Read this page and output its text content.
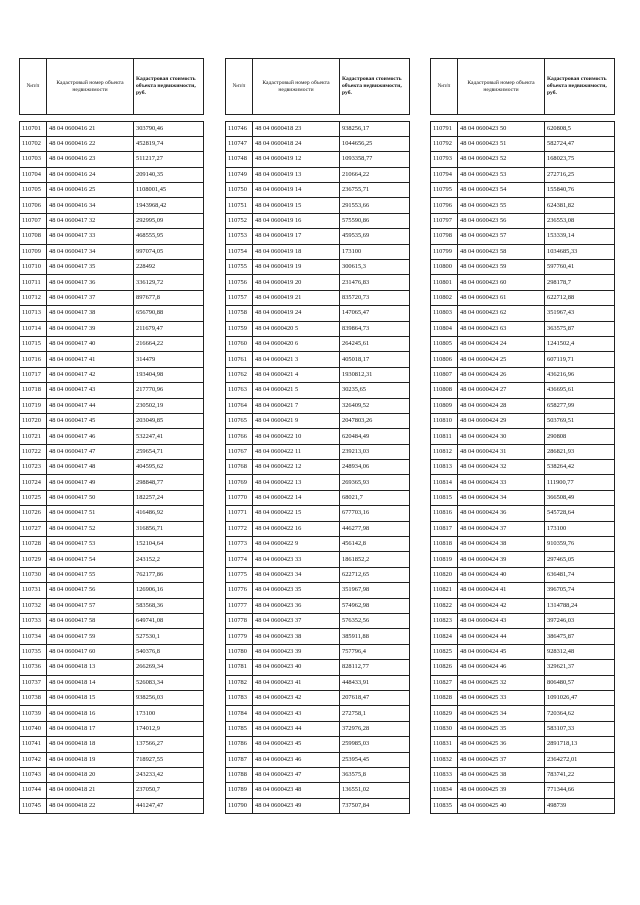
№п/п	Кадастровый номер объекта недвижимости	Кадастровая стоимость объекта недвижимости, руб.

110701	48 04 0600416 21	303790,46
110702	48 04 0600416 22	452819,74
110703	48 04 0600416 23	511217,27
110704	48 04 0600416 24	209140,35
110705	48 04 0600416 25	1108001,45
110706	48 04 0600416 34	1943968,42
110707	48 04 0600417 32	292995,09
110708	48 04 0600417 33	468555,95
110709	48 04 0600417 34	997074,05
110710	48 04 0600417 35	228492
110711	48 04 0600417 36	336129,72
110712	48 04 0600417 37	897677,8
110713	48 04 0600417 38	656790,88
110714	48 04 0600417 39	211679,47
110715	48 04 0600417 40	216664,22
110716	48 04 0600417 41	314479
110717	48 04 0600417 42	193404,98
110718	48 04 0600417 43	217770,96
110719	48 04 0600417 44	230502,19
110720	48 04 0600417 45	203049,85
110721	48 04 0600417 46	532247,41
110722	48 04 0600417 47	259654,71
110723	48 04 0600417 48	404595,62
110724	48 04 0600417 49	298848,77
110725	48 04 0600417 50	182257,24
110726	48 04 0600417 51	416486,92
110727	48 04 0600417 52	316856,71
110728	48 04 0600417 53	152104,64
110729	48 04 0600417 54	243152,2
110730	48 04 0600417 55	762177,86
110731	48 04 0600417 56	126906,16
110732	48 04 0600417 57	583568,36
110733	48 04 0600417 58	649741,08
110734	48 04 0600417 59	527530,1
110735	48 04 0600417 60	540376,8
110736	48 04 0600418 13	266269,34
110737	48 04 0600418 14	526083,34
110738	48 04 0600418 15	938256,03
110739	48 04 0600418 16	173100
110740	48 04 0600418 17	174012,9
110741	48 04 0600418 18	137566,27
110742	48 04 0600418 19	718927,55
110743	48 04 0600418 20	243233,42
110744	48 04 0600418 21	237050,7
110745	48 04 0600418 22	441247,47
№п/п	Кадастровый номер объекта недвижимости	Кадастровая стоимость объекта недвижимости, руб.

110746	48 04 0600418 23	938256,17
110747	48 04 0600418 24	1044656,25
110748	48 04 0600419 12	1093358,77
110749	48 04 0600419 13	210664,22
110750	48 04 0600419 14	236755,71
110751	48 04 0600419 15	291553,66
110752	48 04 0600419 16	575590,86
110753	48 04 0600419 17	459535,69
110754	48 04 0600419 18	173100
110755	48 04 0600419 19	300615,3
110756	48 04 0600419 20	231476,83
110757	48 04 0600419 21	835720,73
110758	48 04 0600419 24	147065,47
110759	48 04 0600420 5	839864,73
110760	48 04 0600420 6	264245,61
110761	48 04 0600421 3	405018,17
110762	48 04 0600421 4	1930812,31
110763	48 04 0600421 5	30235,65
110764	48 04 0600421 7	326409,52
110765	48 04 0600421 9	2047803,26
110766	48 04 0600422 10	620484,49
110767	48 04 0600422 11	239213,03
110768	48 04 0600422 12	248934,06
110769	48 04 0600422 13	269365,93
110770	48 04 0600422 14	68021,7
110771	48 04 0600422 15	677703,16
110772	48 04 0600422 16	446277,98
110773	48 04 0600422 9	456142,8
110774	48 04 0600423 33	1861852,2
110775	48 04 0600423 34	622712,65
110776	48 04 0600423 35	351967,98
110777	48 04 0600423 36	574962,98
110778	48 04 0600423 37	576352,56
110779	48 04 0600423 38	385911,88
110780	48 04 0600423 39	757796,4
110781	48 04 0600423 40	828112,77
110782	48 04 0600423 41	448433,91
110783	48 04 0600423 42	207618,47
110784	48 04 0600423 43	272758,1
110785	48 04 0600423 44	372976,28
110786	48 04 0600423 45	259985,03
110787	48 04 0600423 46	253954,45
110788	48 04 0600423 47	363575,8
110789	48 04 0600423 48	136551,02
110790	48 04 0600423 49	737507,84
№п/п	Кадастровый номер объекта недвижимости	Кадастровая стоимость объекта недвижимости, руб.

110791	48 04 0600423 50	620808,5
110792	48 04 0600423 51	582724,47
110793	48 04 0600423 52	168023,75
110794	48 04 0600423 53	272716,25
110795	48 04 0600423 54	155840,76
110796	48 04 0600423 55	624381,82
110797	48 04 0600423 56	236553,08
110798	48 04 0600423 57	153339,14
110799	48 04 0600423 58	1034685,33
110800	48 04 0600423 59	597760,41
110801	48 04 0600423 60	298178,7
110802	48 04 0600423 61	622712,88
110803	48 04 0600423 62	351967,43
110804	48 04 0600423 63	363575,87
110805	48 04 0600424 24	1241502,4
110806	48 04 0600424 25	607119,71
110807	48 04 0600424 26	436216,96
110808	48 04 0600424 27	436695,61
110809	48 04 0600424 28	658277,99
110810	48 04 0600424 29	503769,51
110811	48 04 0600424 30	290808
110812	48 04 0600424 31	286821,93
110813	48 04 0600424 32	538264,42
110814	48 04 0600424 33	111900,77
110815	48 04 0600424 34	366508,49
110816	48 04 0600424 36	545728,64
110817	48 04 0600424 37	173100
110818	48 04 0600424 38	910359,76
110819	48 04 0600424 39	297465,05
110820	48 04 0600424 40	636481,74
110821	48 04 0600424 41	396705,74
110822	48 04 0600424 42	1314788,24
110823	48 04 0600424 43	397246,03
110824	48 04 0600424 44	386475,87
110825	48 04 0600424 45	928312,48
110826	48 04 0600424 46	329621,37
110827	48 04 0600425 32	806480,57
110828	48 04 0600425 33	1091026,47
110829	48 04 0600425 34	720364,62
110830	48 04 0600425 35	583107,33
110831	48 04 0600425 36	2891718,13
110832	48 04 0600425 37	2364272,01
110833	48 04 0600425 38	783741,22
110834	48 04 0600425 39	771344,66
110835	48 04 0600425 40	498739
